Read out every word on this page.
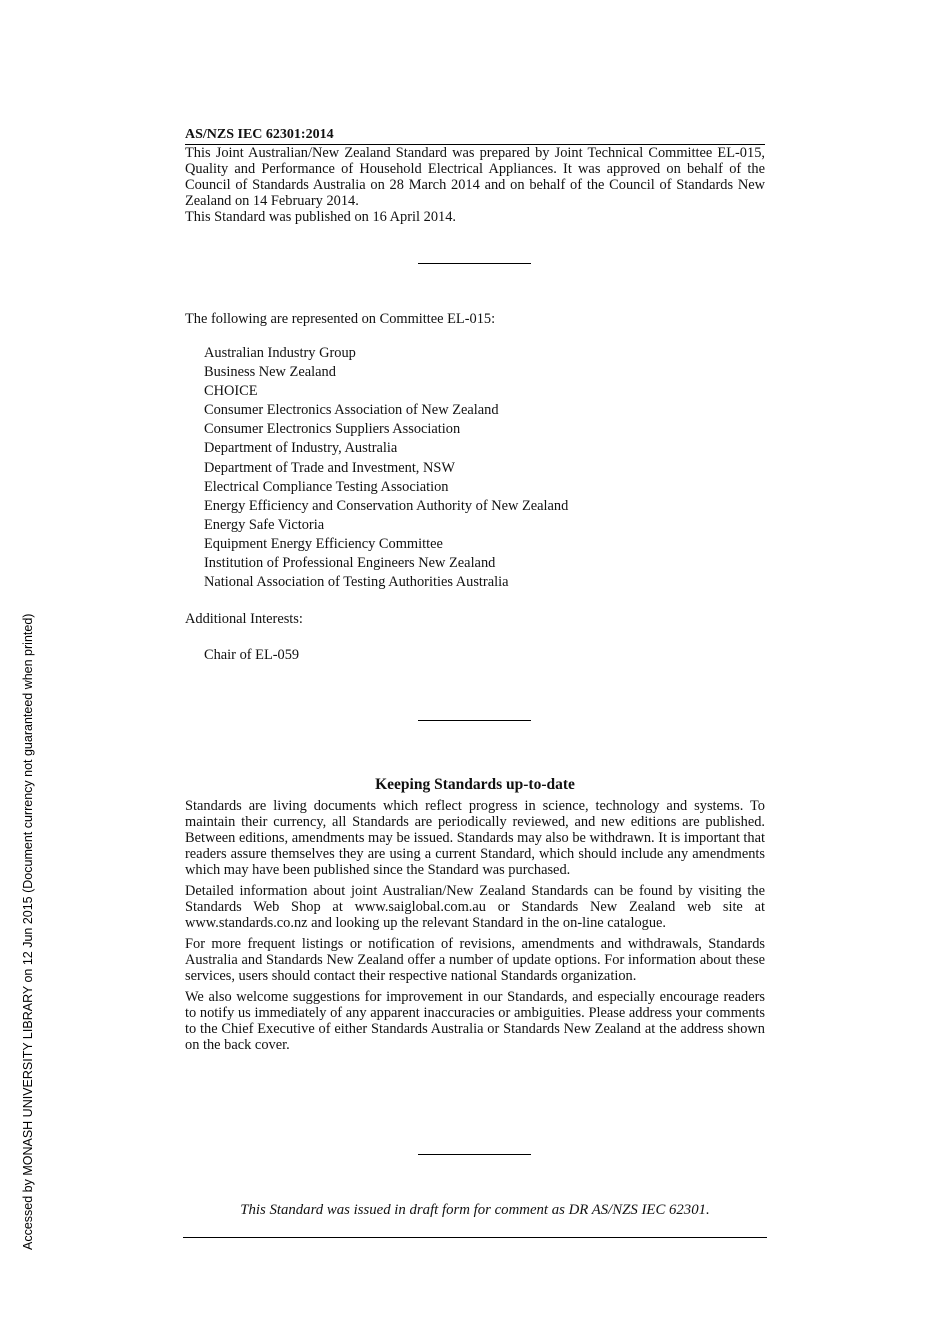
Accessed by MONASH UNIVERSITY LIBRARY on 12 Jun 2015 (Document currency not guaranteed when printed)
AS/NZS IEC 62301:2014

This Joint Australian/New Zealand Standard was prepared by Joint Technical Committee EL-015, Quality and Performance of Household Electrical Appliances. It was approved on behalf of the Council of Standards Australia on 28 March 2014 and on behalf of the Council of Standards New Zealand on 14 February 2014.

This Standard was published on 16 April 2014.

The following are represented on Committee EL-015:
Australian Industry Group
Business New Zealand
CHOICE
Consumer Electronics Association of New Zealand
Consumer Electronics Suppliers Association
Department of Industry, Australia
Department of Trade and Investment, NSW
Electrical Compliance Testing Association
Energy Efficiency and Conservation Authority of New Zealand
Energy Safe Victoria
Equipment Energy Efficiency Committee
Institution of Professional Engineers New Zealand
National Association of Testing Authorities Australia
Additional Interests:
Chair of EL-059
Keeping Standards up-to-date

Standards are living documents which reflect progress in science, technology and systems. To maintain their currency, all Standards are periodically reviewed, and new editions are published. Between editions, amendments may be issued. Standards may also be withdrawn. It is important that readers assure themselves they are using a current Standard, which should include any amendments which may have been published since the Standard was purchased.

Detailed information about joint Australian/New Zealand Standards can be found by visiting the Standards Web Shop at www.saiglobal.com.au or Standards New Zealand web site at www.standards.co.nz and looking up the relevant Standard in the on-line catalogue.

For more frequent listings or notification of revisions, amendments and withdrawals, Standards Australia and Standards New Zealand offer a number of update options. For information about these services, users should contact their respective national Standards organization.

We also welcome suggestions for improvement in our Standards, and especially encourage readers to notify us immediately of any apparent inaccuracies or ambiguities. Please address your comments to the Chief Executive of either Standards Australia or Standards New Zealand at the address shown on the back cover.

This Standard was issued in draft form for comment as DR AS/NZS IEC 62301.
